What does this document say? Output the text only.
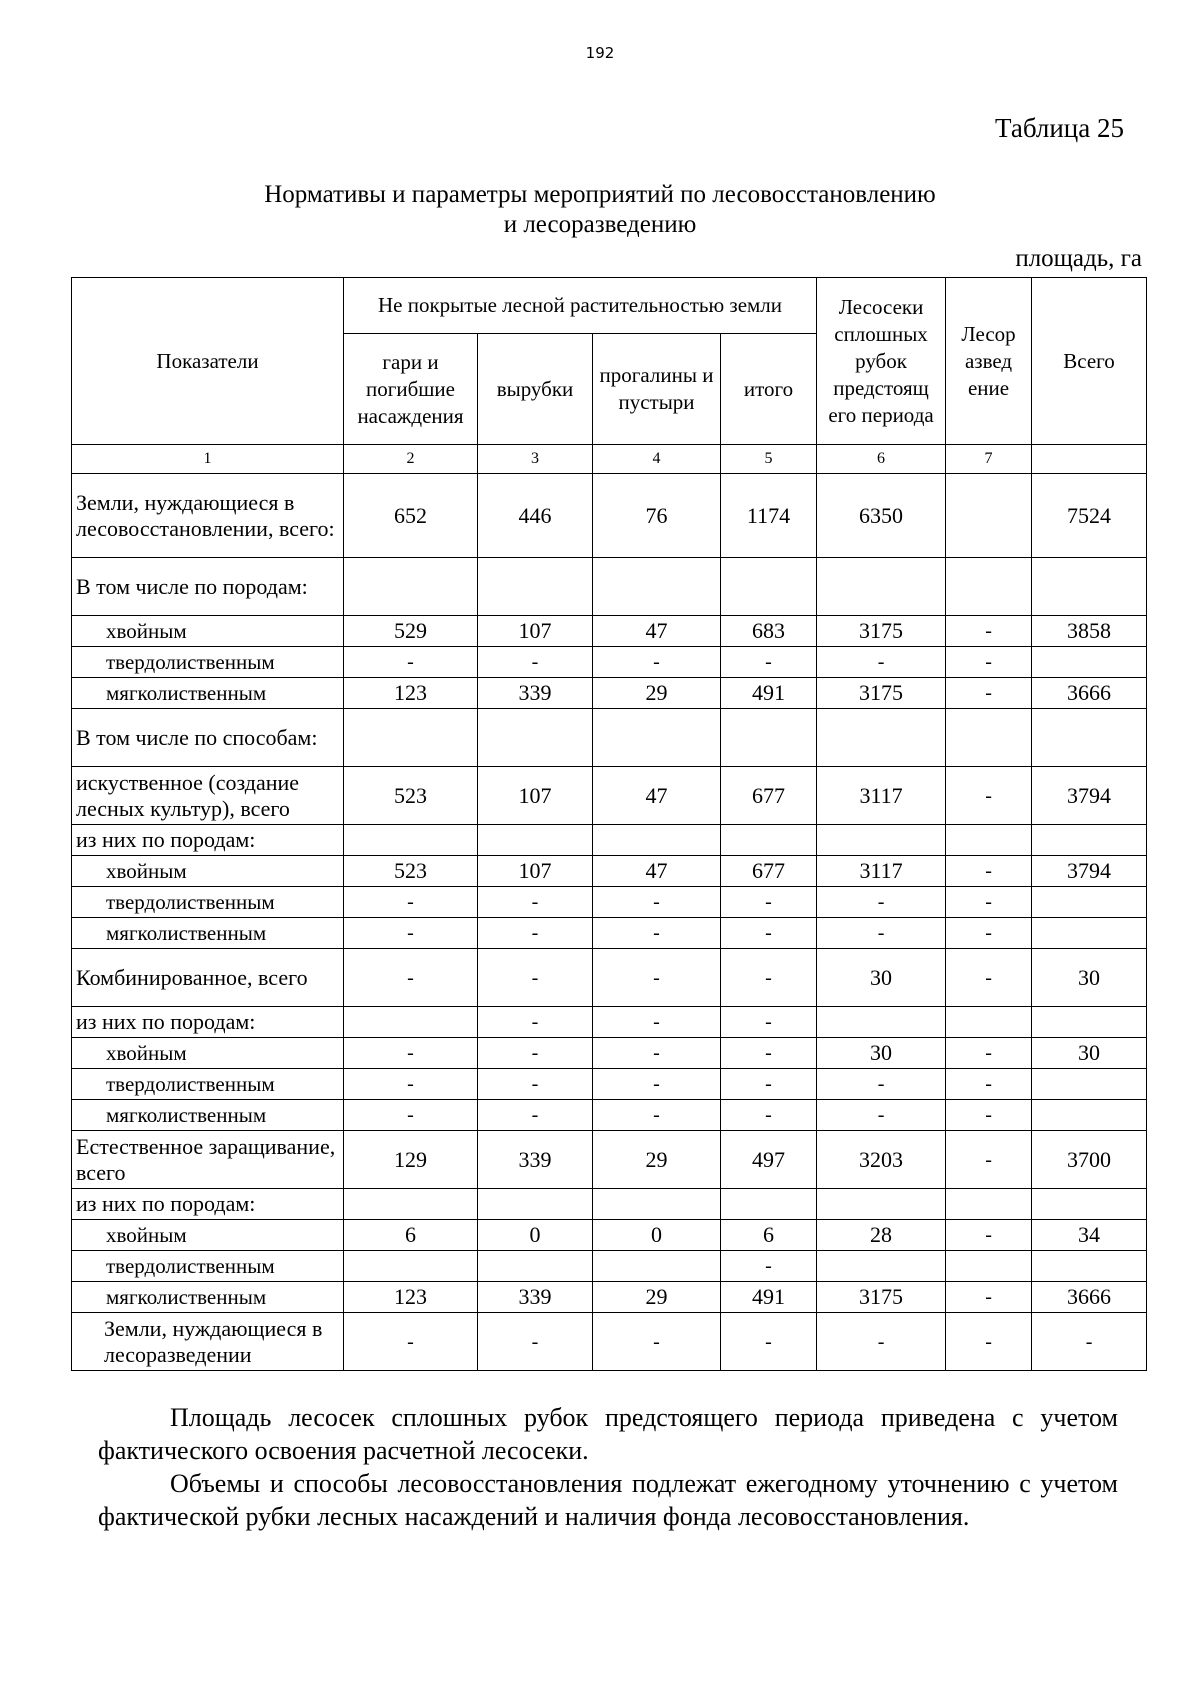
192
Таблица 25
Нормативы и параметры мероприятий по лесовосстановлению
и лесоразведению
площадь, га
Показатели	Не покрытые лесной растительностью земли				Лесосеки сплошных рубок предстоящ его периода	Лесор азвед ение	Всего
	гари и погибшие насаждения	вырубки	прогалины и пустыри	итого			
1	2	3	4	5	6	7	
Земли, нуждающиеся в лесовосстановлении, всего:	652	446	76	1174	6350		7524
В том числе по породам:							
хвойным	529	107	47	683	3175	-	3858
твердолиственным	-	-	-	-	-	-	
мягколиственным	123	339	29	491	3175	-	3666
В том числе по способам:							
искуственное (создание лесных культур), всего	523	107	47	677	3117	-	3794
из них по породам:							
хвойным	523	107	47	677	3117	-	3794
твердолиственным	-	-	-	-	-	-	
мягколиственным	-	-	-	-	-	-	
Комбинированное, всего	-	-	-	-	30	-	30
из них по породам:		-	-	-			
хвойным	-	-	-	-	30	-	30
твердолиственным	-	-	-	-	-	-	
мягколиственным	-	-	-	-	-	-	
Естественное заращивание, всего	129	339	29	497	3203	-	3700
из них по породам:							
хвойным	6	0	0	6	28	-	34
твердолиственным				-			
мягколиственным	123	339	29	491	3175	-	3666
Земли, нуждающиеся в лесоразведении	-	-	-	-	-	-	-
Площадь лесосек сплошных рубок предстоящего периода приведена с учетом фактического освоения расчетной лесосеки.
Объемы и способы лесовосстановления подлежат ежегодному уточнению с учетом фактической рубки лесных насаждений и наличия фонда лесовосстановления.
